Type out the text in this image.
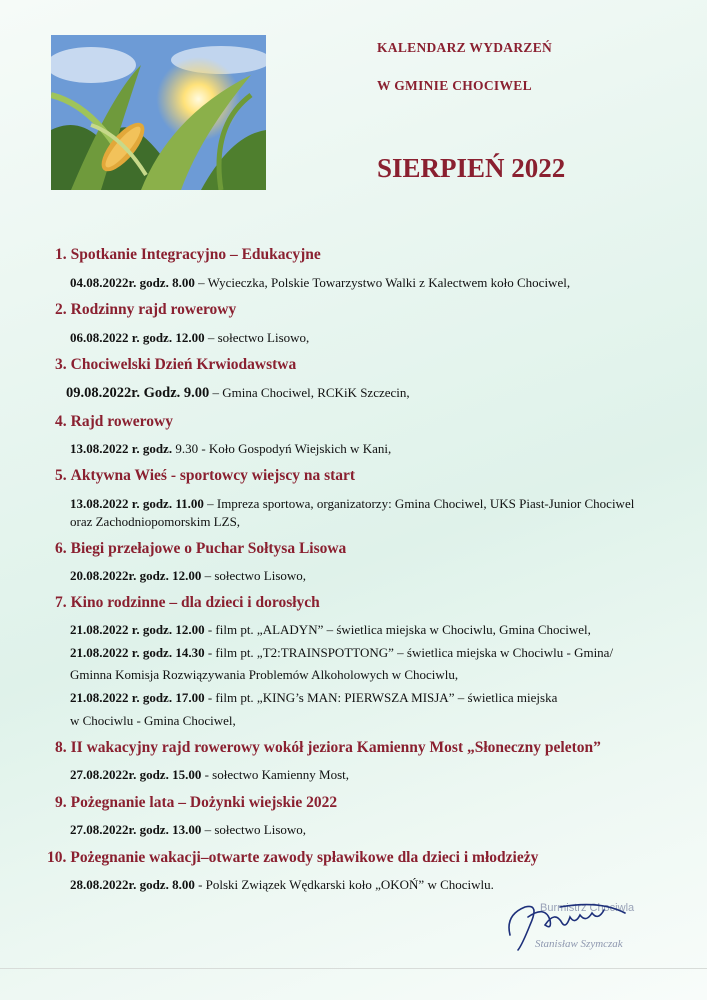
KALENDARZ WYDARZEŃ
W GMINIE CHOCIWEL
SIERPIEŃ 2022
1. Spotkanie Integracyjno – Edukacyjne
04.08.2022r. godz. 8.00 – Wycieczka, Polskie Towarzystwo Walki z Kalectwem koło Chociwel,
2. Rodzinny rajd rowerowy
06.08.2022 r. godz. 12.00 – sołectwo Lisowo,
3. Chociwelski Dzień Krwiodawstwa
09.08.2022r. Godz. 9.00 – Gmina Chociwel, RCKiK Szczecin,
4. Rajd rowerowy
13.08.2022 r. godz. 9.30 - Koło Gospodyń Wiejskich w Kani,
5. Aktywna Wieś - sportowcy wiejscy na start
13.08.2022 r. godz. 11.00 – Impreza sportowa, organizatorzy: Gmina Chociwel, UKS Piast-Junior Chociwel
oraz Zachodniopomorskim LZS,
6. Biegi przełajowe o Puchar Sołtysa Lisowa
20.08.2022r. godz. 12.00 – sołectwo Lisowo,
7. Kino rodzinne – dla dzieci i dorosłych
21.08.2022 r. godz. 12.00 - film pt. „ALADYN” – świetlica miejska w Chociwlu, Gmina Chociwel,
21.08.2022 r. godz. 14.30 - film pt. „T2:TRAINSPOTTONG” – świetlica miejska w Chociwlu - Gmina/
Gminna Komisja Rozwiązywania Problemów Alkoholowych w Chociwlu,
21.08.2022 r. godz. 17.00 - film pt. „KING’s MAN: PIERWSZA MISJA” – świetlica miejska
w Chociwlu - Gmina Chociwel,
8. II wakacyjny rajd rowerowy wokół jeziora Kamienny Most „Słoneczny peleton”
27.08.2022r. godz. 15.00 - sołectwo Kamienny Most,
9. Pożegnanie lata – Dożynki wiejskie 2022
27.08.2022r. godz. 13.00 – sołectwo Lisowo,
10. Pożegnanie wakacji–otwarte zawody spławikowe dla dzieci i młodzieży
28.08.2022r. godz. 8.00 - Polski Związek Wędkarski koło „OKOŃ” w Chociwlu.
Burmistrz Chociwla
Stanisław Szymczak
